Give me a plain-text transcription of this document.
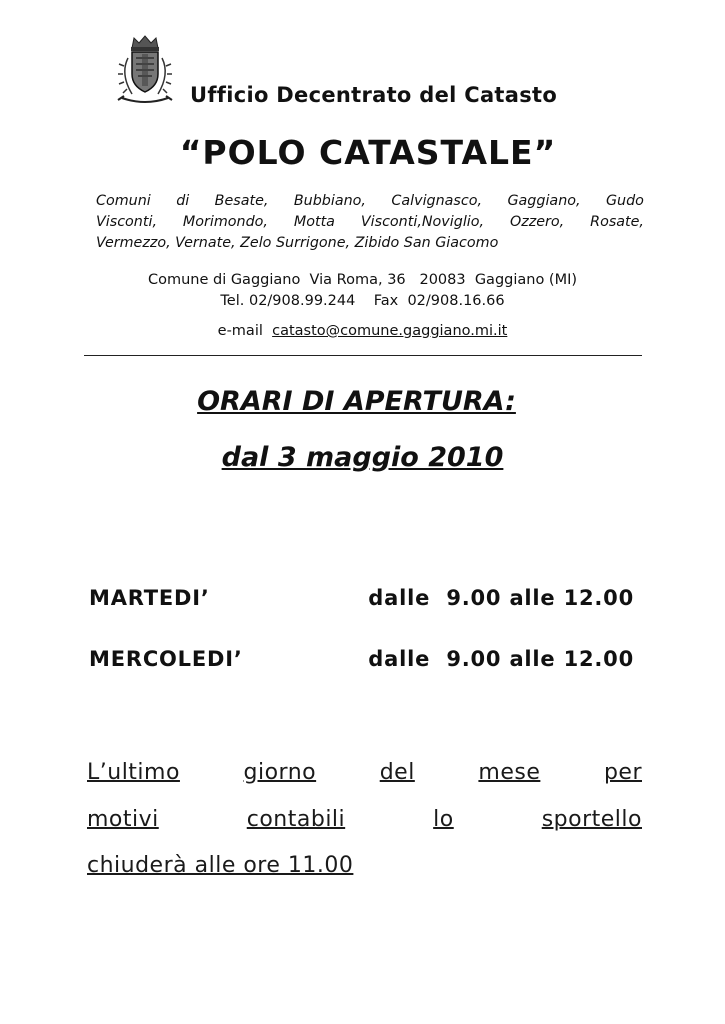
Ufficio Decentrato del Catasto
“POLO CATASTALE”
Comuni di Besate, Bubbiano, Calvignasco, Gaggiano, Gudo
Visconti, Morimondo, Motta Visconti,Noviglio, Ozzero, Rosate,
Vermezzo, Vernate, Zelo Surrigone, Zibido San Giacomo
Comune di Gaggiano  Via Roma, 36   20083  Gaggiano (MI)
Tel. 02/908.99.244    Fax  02/908.16.66
e-mail catasto@comune.gaggiano.mi.it
ORARI DI APERTURA:
dal 3 maggio 2010
MARTEDI’	dalle  9.00 alle 12.00
MERCOLEDI’	dalle  9.00 alle 12.00
L’ultimo	giorno	del	mese	per
motivi	contabili	lo	sportello
chiuderà alle ore 11.00
